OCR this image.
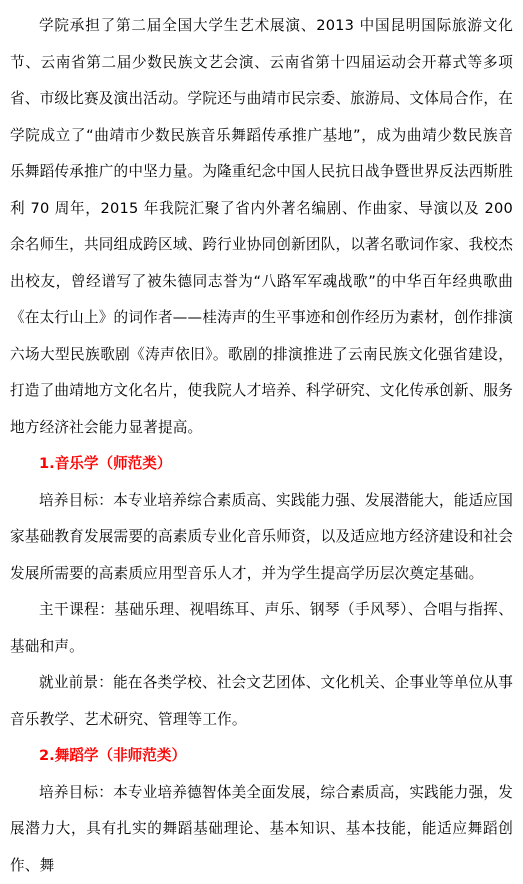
学院承担了第二届全国大学生艺术展演、2013 中国昆明国际旅游文化节、云南省第二届少数民族文艺会演、云南省第十四届运动会开幕式等多项省、市级比赛及演出活动。学院还与曲靖市民宗委、旅游局、文体局合作，在学院成立了“曲靖市少数民族音乐舞蹈传承推广基地”，成为曲靖少数民族音乐舞蹈传承推广的中坚力量。为隆重纪念中国人民抗日战争暨世界反法西斯胜利 70 周年，2015 年我院汇聚了省内外著名编剧、作曲家、导演以及 200 余名师生，共同组成跨区域、跨行业协同创新团队，以著名歌词作家、我校杰出校友，曾经谱写了被朱德同志誉为“八路军军魂战歌”的中华百年经典歌曲《在太行山上》的词作者——桂涛声的生平事迹和创作经历为素材，创作排演六场大型民族歌剧《涛声依旧》。歌剧的排演推进了云南民族文化强省建设，打造了曲靖地方文化名片，使我院人才培养、科学研究、文化传承创新、服务地方经济社会能力显著提高。

1.音乐学（师范类）

培养目标：本专业培养综合素质高、实践能力强、发展潜能大，能适应国家基础教育发展需要的高素质专业化音乐师资，以及适应地方经济建设和社会发展所需要的高素质应用型音乐人才，并为学生提高学历层次奠定基础。

主干课程：基础乐理、视唱练耳、声乐、钢琴（手风琴）、合唱与指挥、基础和声。

就业前景：能在各类学校、社会文艺团体、文化机关、企事业等单位从事音乐教学、艺术研究、管理等工作。

2.舞蹈学（非师范类）

培养目标：本专业培养德智体美全面发展，综合素质高，实践能力强，发展潜力大，具有扎实的舞蹈基础理论、基本知识、基本技能，能适应舞蹈创作、舞
